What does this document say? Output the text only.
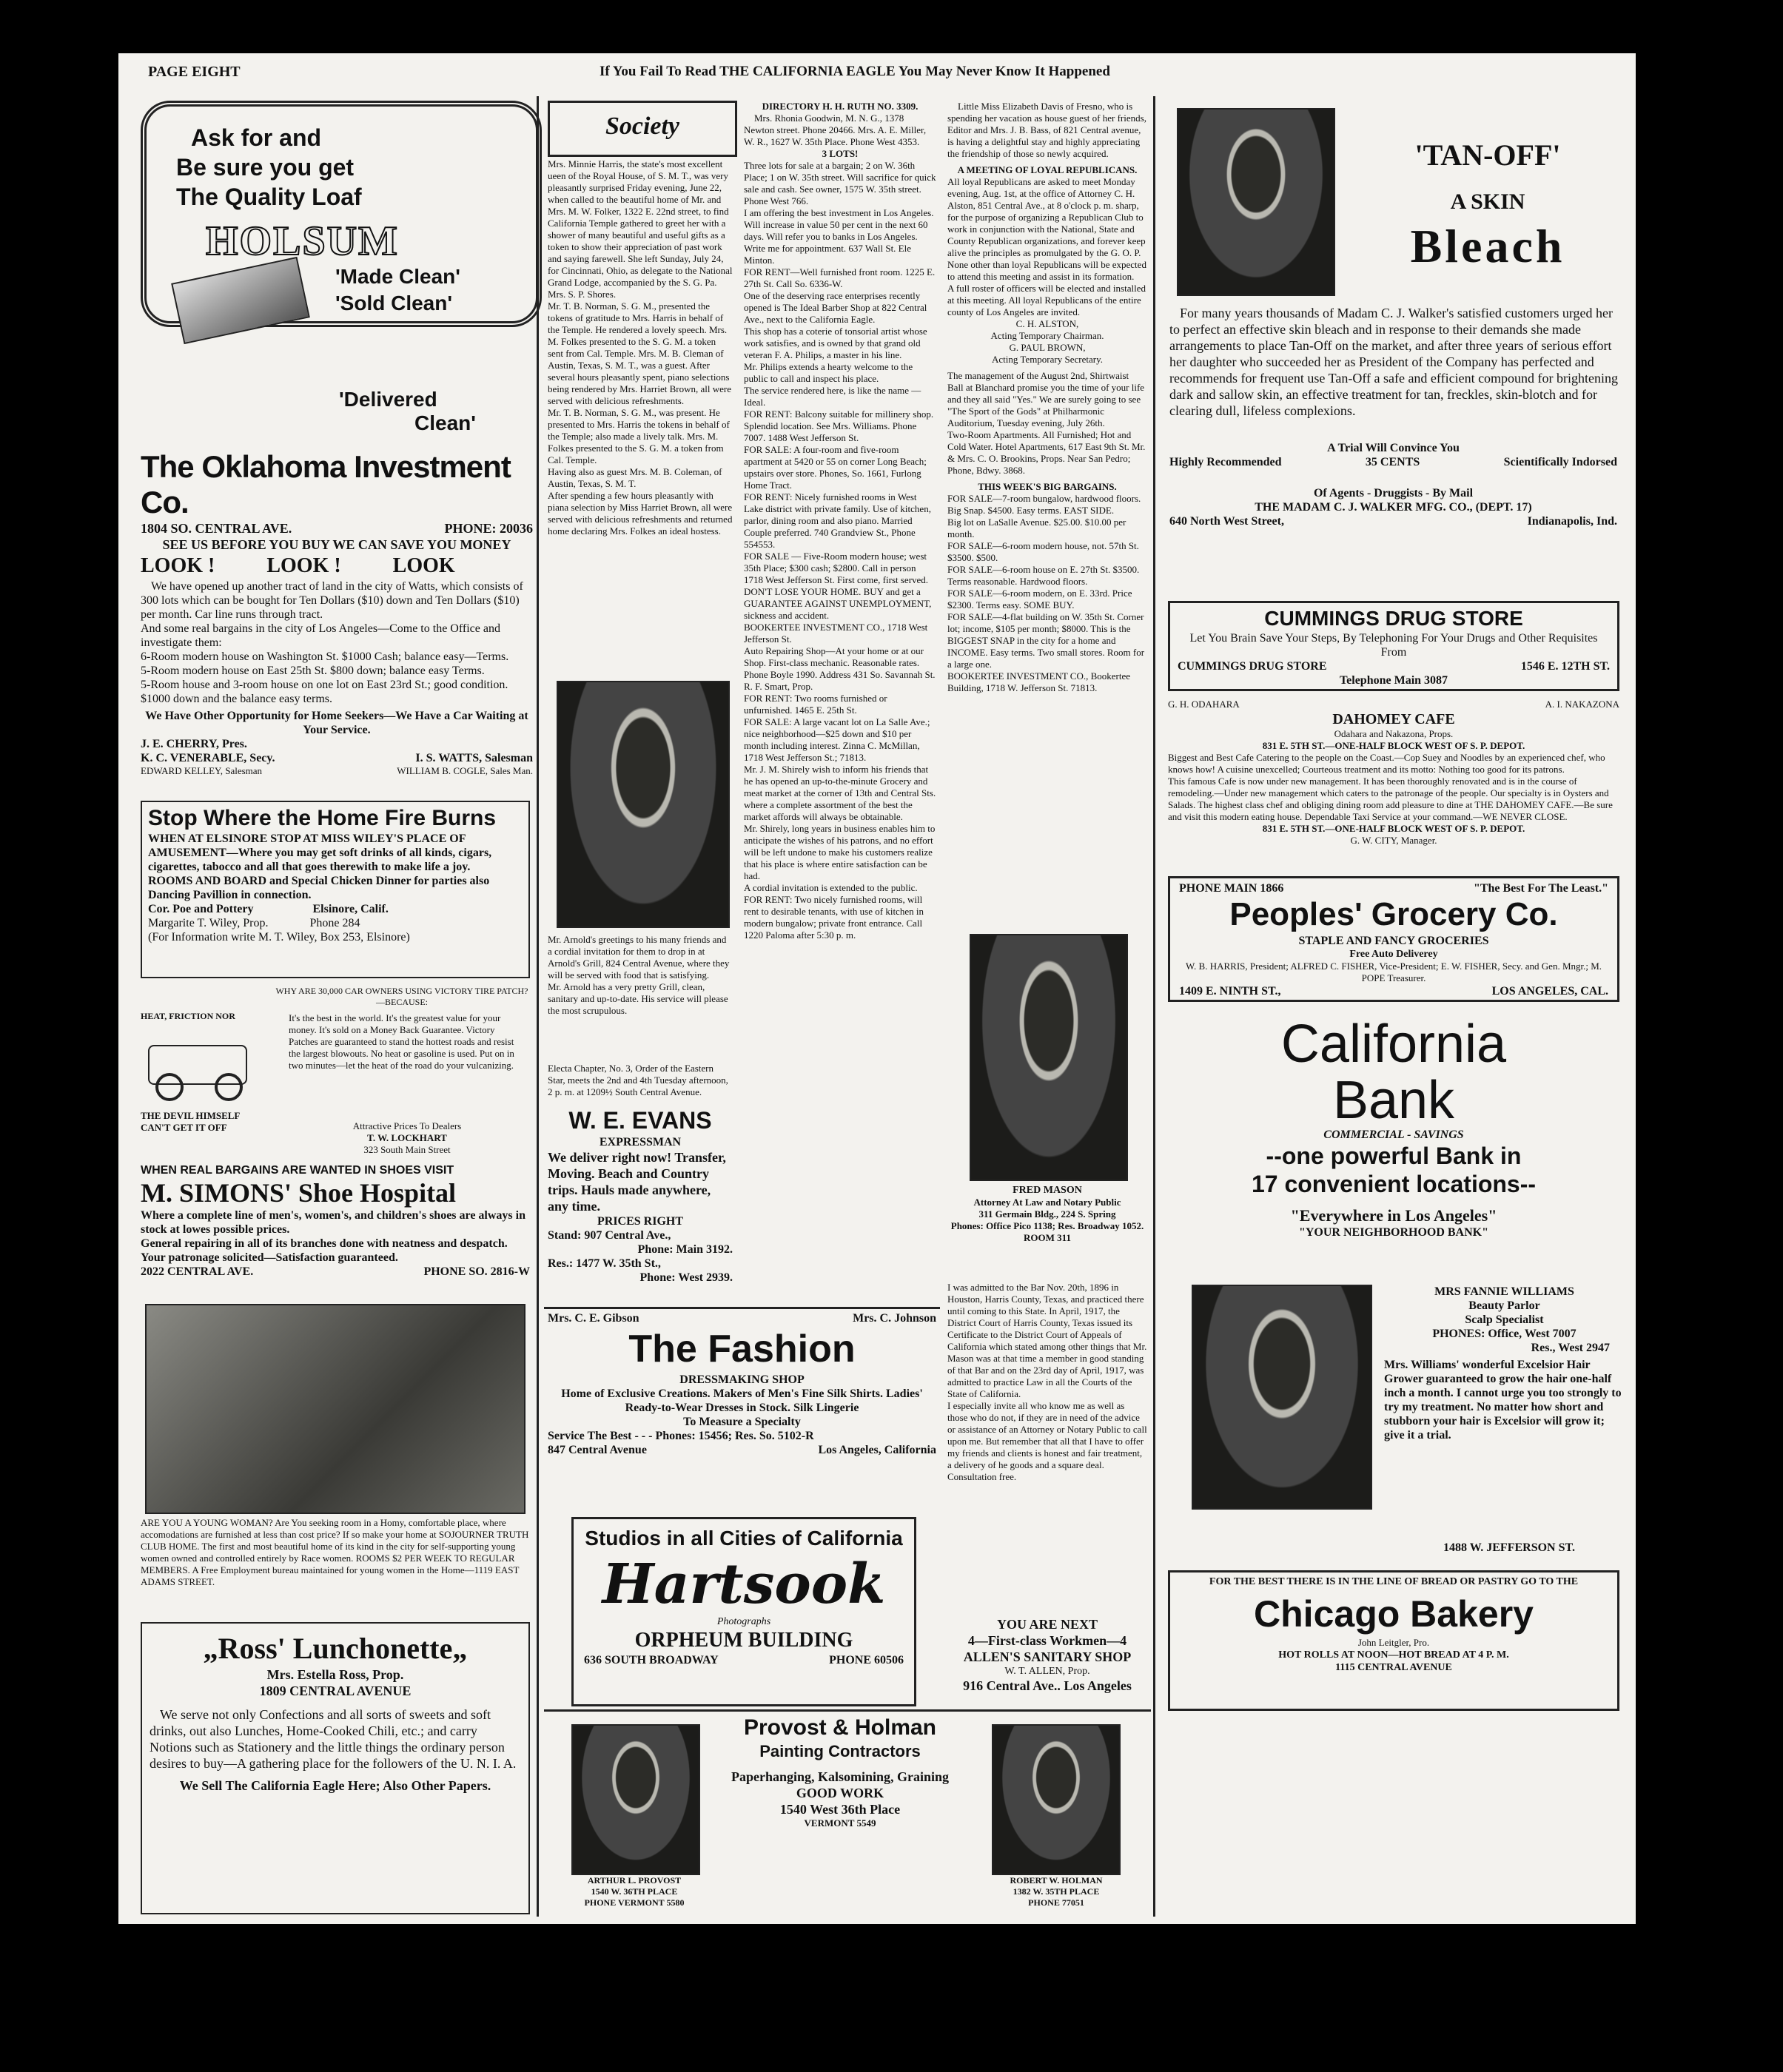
PAGE EIGHT	If You Fail To Read THE CALIFORNIA EAGLE You May Never Know It Happened
Ask for and
Be sure you get
The Quality Loaf
HOLSUM
'Made Clean'
'Sold Clean'
'Delivered
Clean'
The Oklahoma Investment Co.
1804 SO. CENTRAL AVE.	PHONE: 20036
SEE US BEFORE YOU BUY WE CAN SAVE YOU MONEY
LOOK !          LOOK !          LOOK
We have opened up another tract of land in the city of Watts, which consists of 300 lots which can be bought for Ten Dollars ($10) down and Ten Dollars ($10) per month. Car line runs through tract.
And some real bargains in the city of Los Angeles—Come to the Office and investigate them:
6-Room modern house on Washington St. $1000 Cash; balance easy—Terms.
5-Room modern house on East 25th St. $800 down; balance easy Terms.
5-Room house and 3-room house on one lot on East 23rd St.; good condition. $1000 down and the balance easy terms.
We Have Other Opportunity for Home Seekers—We Have a Car Waiting at Your Service.
J. E. CHERRY, Pres.
K. C. VENERABLE, Secy.	I. S. WATTS, Salesman
EDWARD KELLEY, Salesman	WILLIAM B. COGLE, Sales Man.
Stop Where the Home Fire Burns
WHEN AT ELSINORE STOP AT MISS WILEY'S PLACE OF AMUSEMENT—Where you may get soft drinks of all kinds, cigars, cigarettes, tabocco and all that goes therewith to make life a joy.
ROOMS AND BOARD and Special Chicken Dinner for parties also Dancing Pavillion in connection.
Cor. Poe and Pottery                    Elsinore, Calif.
Margarite T. Wiley, Prop.              Phone 284
(For Information write M. T. Wiley, Box 253, Elsinore)
WHY ARE 30,000 CAR OWNERS USING VICTORY TIRE PATCH?—BECAUSE:
HEAT, FRICTION NOR
THE DEVIL HIMSELF CAN'T GET IT OFF
It's the best in the world. It's the greatest value for your money. It's sold on a Money Back Guarantee. Victory Patches are guaranteed to stand the hottest roads and resist the largest blowouts. No heat or gasoline is used. Put on in two minutes—let the heat of the road do your vulcanizing.
Attractive Prices To Dealers
T. W. LOCKHART
323 South Main Street
WHEN REAL BARGAINS ARE WANTED IN SHOES VISIT
M. SIMONS' Shoe Hospital
Where a complete line of men's, women's, and children's shoes are always in stock at lowes possible prices.
General repairing in all of its branches done with neatness and despatch. Your patronage solicited—Satisfaction guaranteed.
2022 CENTRAL AVE.	PHONE SO. 2816-W
ARE YOU A YOUNG WOMAN? Are You seeking room in a Homy, comfortable place, where accomodations are furnished at less than cost price? If so make your home at SOJOURNER TRUTH CLUB HOME. The first and most beautiful home of its kind in the city for self-supporting young women owned and controlled entirely by Race women. ROOMS $2 PER WEEK TO REGULAR MEMBERS. A Free Employment bureau maintained for young women in the Home—1119 EAST ADAMS STREET.
„Ross' Lunchonette„
Mrs. Estella Ross, Prop.
1809 CENTRAL AVENUE
We serve not only Confections and all sorts of sweets and soft drinks, out also Lunches, Home-Cooked Chili, etc.; and carry Notions such as Stationery and the little things the ordinary person desires to buy—A gathering place for the followers of the U. N. I. A.
We Sell The California Eagle Here; Also Other Papers.
Society
Mrs. Minnie Harris, the state's most excellent ueen of the Royal House, of S. M. T., was very pleasantly surprised Friday evening, June 22, when called to the beautiful home of Mr. and Mrs. M. W. Folker, 1322 E. 22nd street, to find California Temple gathered to greet her with a shower of many beautiful and useful gifts as a token to show their appreciation of past work and saying farewell. She left Sunday, July 24, for Cincinnati, Ohio, as delegate to the National Grand Lodge, accompanied by the S. G. Pa. Mrs. S. P. Shores.
Mr. T. B. Norman, S. G. M., presented the tokens of gratitude to Mrs. Harris in behalf of the Temple. He rendered a lovely speech. Mrs. M. Folkes presented to the S. G. M. a token sent from Cal. Temple. Mrs. M. B. Cleman of Austin, Texas, S. M. T., was a guest. After several hours pleasantly spent, piano selections being rendered by Mrs. Harriet Brown, all were served with delicious refreshments.
Mr. T. B. Norman, S. G. M., was present. He presented to Mrs. Harris the tokens in behalf of the Temple; also made a lively talk. Mrs. M. Folkes presented to the S. G. M. a token from Cal. Temple.
Having also as guest Mrs. M. B. Coleman, of Austin, Texas, S. M. T.
After spending a few hours pleasantly with piana selection by Miss Harriet Brown, all were served with delicious refreshments and returned home declaring Mrs. Folkes an ideal hostess.
Mr. Arnold's greetings to his many friends and a cordial invitation for them to drop in at Arnold's Grill, 824 Central Avenue, where they will be served with food that is satisfying.
Mr. Arnold has a very pretty Grill, clean, sanitary and up-to-date. His service will please the most scrupulous.
Electa Chapter, No. 3, Order of the Eastern Star, meets the 2nd and 4th Tuesday afternoon, 2 p. m. at 1209½ South Central Avenue.
W. E. EVANS
EXPRESSMAN
We deliver right now! Transfer, Moving. Beach and Country trips. Hauls made anywhere, any time.
PRICES RIGHT
Stand: 907 Central Ave.,
Phone: Main 3192.
Res.: 1477 W. 35th St.,
Phone: West 2939.
DIRECTORY H. H. RUTH NO. 3309.
Mrs. Rhonia Goodwin, M. N. G., 1378 Newton street. Phone 20466. Mrs. A. E. Miller, W. R., 1627 W. 35th Place. Phone West 4353.
3 LOTS!
Three lots for sale at a bargain; 2 on W. 36th Place; 1 on W. 35th street. Will sacrifice for quick sale and cash. See owner, 1575 W. 35th street. Phone West 766.
I am offering the best investment in Los Angeles. Will increase in value 50 per cent in the next 60 days. Will refer you to banks in Los Angeles. Write me for appointment. 637 Wall St. Ele Minton.
FOR RENT—Well furnished front room. 1225 E. 27th St. Call So. 6336-W.
One of the deserving race enterprises recently opened is The Ideal Barber Shop at 822 Central Ave., next to the California Eagle.
This shop has a coterie of tonsorial artist whose work satisfies, and is owned by that grand old veteran F. A. Philips, a master in his line.
Mr. Philips extends a hearty welcome to the public to call and inspect his place.
The service rendered here, is like the name — Ideal.
FOR RENT: Balcony suitable for millinery shop. Splendid location. See Mrs. Williams. Phone 7007. 1488 West Jefferson St.
FOR SALE: A four-room and five-room apartment at 5420 or 55 on corner Long Beach; upstairs over store. Phones, So. 1661, Furlong Home Tract.
FOR RENT: Nicely furnished rooms in West Lake district with private family. Use of kitchen, parlor, dining room and also piano. Married Couple preferred. 740 Grandview St., Phone 554553.
FOR SALE — Five-Room modern house; west 35th Place; $300 cash; $2800. Call in person 1718 West Jefferson St. First come, first served.
DON'T LOSE YOUR HOME. BUY and get a GUARANTEE AGAINST UNEMPLOYMENT, sickness and accident.
BOOKERTEE INVESTMENT CO., 1718 West Jefferson St.
Auto Repairing Shop—At your home or at our Shop. First-class mechanic. Reasonable rates. Phone Boyle 1990. Address 431 So. Savannah St. R. F. Smart, Prop.
FOR RENT: Two rooms furnished or unfurnished. 1465 E. 25th St.
FOR SALE: A large vacant lot on La Salle Ave.; nice neighborhood—$25 down and $10 per month including interest. Zinna C. McMillan, 1718 West Jefferson St.; 71813.
Mr. J. M. Shirely wish to inform his friends that he has opened an up-to-the-minute Grocery and meat market at the corner of 13th and Central Sts. where a complete assortment of the best the market affords will always be obtainable.
Mr. Shirely, long years in business enables him to anticipate the wishes of his patrons, and no effort will be left undone to make his customers realize that his place is where entire satisfaction can be had.
A cordial invitation is extended to the public.
FOR RENT: Two nicely furnished rooms, will rent to desirable tenants, with use of kitchen in modern bungalow; private front entrance. Call 1220 Paloma after 5:30 p. m.
Little Miss Elizabeth Davis of Fresno, who is spending her vacation as house guest of her friends, Editor and Mrs. J. B. Bass, of 821 Central avenue, is having a delightful stay and highly appreciating the friendship of those so newly acquired.
A MEETING OF LOYAL REPUBLICANS.
All loyal Republicans are asked to meet Monday evening, Aug. 1st, at the office of Attorney C. H. Alston, 851 Central Ave., at 8 o'clock p. m. sharp, for the purpose of organizing a Republican Club to work in conjunction with the National, State and County Republican organizations, and forever keep alive the principles as promulgated by the G. O. P.
None other than loyal Republicans will be expected to attend this meeting and assist in its formation.
A full roster of officers will be elected and installed at this meeting. All loyal Republicans of the entire county of Los Angeles are invited.
C. H. ALSTON,
Acting Temporary Chairman.
G. PAUL BROWN,
Acting Temporary Secretary.
The management of the August 2nd, Shirtwaist Ball at Blanchard promise you the time of your life and they all said "Yes." We are surely going to see "The Sport of the Gods" at Philharmonic Auditorium, Tuesday evening, July 26th.
Two-Room Apartments. All Furnished; Hot and Cold Water. Hotel Apartments, 617 East 9th St. Mr. & Mrs. C. O. Brookins, Props. Near San Pedro; Phone, Bdwy. 3868.
THIS WEEK'S BIG BARGAINS.
FOR SALE—7-room bungalow, hardwood floors. Big Snap. $4500. Easy terms. EAST SIDE.
Big lot on LaSalle Avenue. $25.00. $10.00 per month.
FOR SALE—6-room modern house, not. 57th St. $3500. $500.
FOR SALE—6-room house on E. 27th St. $3500. Terms reasonable. Hardwood floors.
FOR SALE—6-room modern, on E. 33rd. Price $2300. Terms easy. SOME BUY.
FOR SALE—4-flat building on W. 35th St. Corner lot; income, $105 per month; $8000. This is the BIGGEST SNAP in the city for a home and INCOME. Easy terms. Two small stores. Room for a large one.
BOOKERTEE INVESTMENT CO., Bookertee Building, 1718 W. Jefferson St. 71813.
FRED MASON
Attorney At Law and Notary Public
311 Germain Bldg., 224 S. Spring
Phones: Office Pico 1138; Res. Broadway 1052.
ROOM 311
I was admitted to the Bar Nov. 20th, 1896 in Houston, Harris County, Texas, and practiced there until coming to this State. In April, 1917, the District Court of Harris County, Texas issued its Certificate to the District Court of Appeals of California which stated among other things that Mr. Mason was at that time a member in good standing of that Bar and on the 23rd day of April, 1917, was admitted to practice Law in all the Courts of the State of California.
I especially invite all who know me as well as those who do not, if they are in need of the advice or assistance of an Attorney or Notary Public to call upon me. But remember that all that I have to offer my friends and clients is honest and fair treatment, a delivery of he goods and a square deal. Consultation free.
YOU ARE NEXT
4—First-class Workmen—4
ALLEN'S SANITARY SHOP
W. T. ALLEN, Prop.
916 Central Ave.. Los Angeles
Mrs. C. E. Gibson	Mrs. C. Johnson
The Fashion
DRESSMAKING SHOP
Home of Exclusive Creations. Makers of Men's Fine Silk Shirts. Ladies' Ready-to-Wear Dresses in Stock. Silk Lingerie
To Measure a Specialty
Service The Best - - - Phones: 15456; Res. So. 5102-R
847 Central Avenue	Los Angeles, California
Studios in all Cities of California
Hartsook
Photographs
ORPHEUM BUILDING
636 SOUTH BROADWAY	PHONE 60506
ARTHUR L. PROVOST
1540 W. 36TH PLACE
PHONE VERMONT 5580
Provost & Holman
Painting Contractors
Paperhanging, Kalsomining, Graining
GOOD WORK
1540 West 36th Place
VERMONT 5549
ROBERT W. HOLMAN
1382 W. 35TH PLACE
PHONE 77051
'TAN-OFF'
A SKIN
Bleach
For many years thousands of Madam C. J. Walker's satisfied customers urged her to perfect an effective skin bleach and in response to their demands she made arrangements to place Tan-Off on the market, and after three years of serious effort her daughter who succeeded her as President of the Company has perfected and recommends for frequent use Tan-Off a safe and efficient compound for brightening dark and sallow skin, an effective treatment for tan, freckles, skin-blotch and for clearing dull, lifeless complexions.
A Trial Will Convince You
Highly Recommended	35 CENTS	Scientifically Indorsed
Of Agents - Druggists - By Mail
THE MADAM C. J. WALKER MFG. CO., (DEPT. 17)
640 North West Street,	Indianapolis, Ind.
CUMMINGS DRUG STORE
Let You Brain Save Your Steps, By Telephoning For Your Drugs and Other Requisites From
CUMMINGS DRUG STORE	1546 E. 12TH ST.
Telephone Main 3087
G. H. ODAHARA	A. I. NAKAZONA
DAHOMEY CAFE
Odahara and Nakazona, Props.
831 E. 5TH ST.—ONE-HALF BLOCK WEST OF S. P. DEPOT.
Biggest and Best Cafe Catering to the people on the Coast.—Cop Suey and Noodles by an experienced chef, who knows how! A cuisine unexcelled; Courteous treatment and its motto: Nothing too good for its patrons.
This famous Cafe is now under new management. It has been thoroughly renovated and is in the course of remodeling.—Under new management which caters to the patronage of the people. Our specialty is in Oysters and Salads. The highest class chef and obliging dining room add pleasure to dine at THE DAHOMEY CAFE.—Be sure and visit this modern eating house. Dependable Taxi Service at your command.—WE NEVER CLOSE.
831 E. 5TH ST.—ONE-HALF BLOCK WEST OF S. P. DEPOT.
G. W. CITY, Manager.
PHONE MAIN 1866	"The Best For The Least."
Peoples' Grocery Co.
STAPLE AND FANCY GROCERIES
Free Auto Deliverey
W. B. HARRIS, President; ALFRED C. FISHER, Vice-President; E. W. FISHER, Secy. and Gen. Mngr.; M. POPE Treasurer.
1409 E. NINTH ST.,	LOS ANGELES, CAL.
California
Bank
COMMERCIAL - SAVINGS
--one powerful Bank in
17 convenient locations--
"Everywhere in Los Angeles"
"YOUR NEIGHBORHOOD BANK"
MRS FANNIE WILLIAMS
Beauty Parlor
Scalp Specialist
PHONES: Office, West 7007
Res., West 2947
Mrs. Williams' wonderful Excelsior Hair Grower guaranteed to grow the hair one-half inch a month. I cannot urge you too strongly to try my treatment. No matter how short and stubborn your hair is Excelsior will grow it; give it a trial.
1488 W. JEFFERSON ST.
FOR THE BEST THERE IS IN THE LINE OF BREAD OR PASTRY GO TO THE
Chicago Bakery
John Leitgler, Pro.
HOT ROLLS AT NOON—HOT BREAD AT 4 P. M.
1115 CENTRAL AVENUE
